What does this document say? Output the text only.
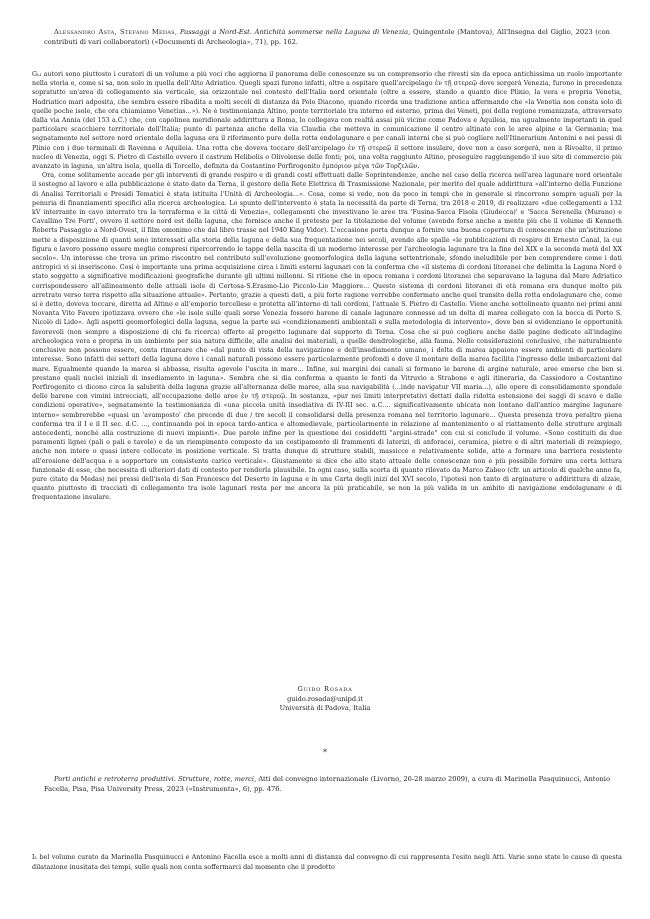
Alessandro Asta, Stefano Medas, Passaggi a Nord-Est. Antichità sommerse nella Laguna di Venezia, Quingentole (Mantova), All'Insegna del Giglio, 2023 (con contributi di vari collaboratori) («Documenti di Archeologia», 71), pp. 162.

Gli autori sono piuttosto i curatori di un volume a più voci che aggiorna il panorama delle conoscenze su un comprensorio che rivesti sin da epoca antichissima un ruolo importante nella storia e, come si sa, non solo in quella dell'Alto Adriatico. Quegli spazi furono infatti, oltre a ospitare quell'arcipelago ἐν τῇ στερεῷ dove sorgerà Venezia, furono in precedenza sopratutto un'area di collegamento sia verticale, sia orizzontale nel contesto dell'Italia nord orientale (oltre a essere, stando a quanto dice Plinio, la vera e propria Venetia, Hadriatico mari adposita, che sembra essere ribadita a molti secoli di distanza da Polo Diacono, quando ricorda una tradizione antica affermando che «la Venetia non consta solo di quelle poche isole, che ora chiamiamo Venetias...»). Ne è testimonianza Altino, ponte territoriale tra interno ed esterno, prima dei Veneti, poi della regione romanizzata, attraversato dalla via Annia (del 153 a.C.) che, con capolinea meridionale addirittura a Roma, lo collegava con realtà assai più vicine come Padova e Aquileia, ma ugualmente importanti in quel particolare scacchiere territoriale dell'Italia; punto di partenza anche della via Claudia che metteva in comunicazione il centro altinate con le aree alpine e la Germania; ma segnatamente nel settore nord orientale della laguna era il riferimento pure della rotta endolagunare e per canali interni che si può cogliere nell'Itinerarium Antonini e nei passi di Plinio con i due terminali di Ravenna e Aquileia. Una rotta che doveva toccare dell'arcipelago ἐν τῇ στερεῷ il settore insulare, dove non a caso sorgerà, non a Rivoalto, il primo nucleo di Venezia, oggi S. Pietro di Castello ovvero il castrum Helibolis o Olivolense delle fonti; poi, una volta raggiunto Altino, proseguire raggiungendo il suo sito di commercio più avanzato in laguna, un'altra isola, quella di Torcello, definita da Costantino Porfirogenito ἐμπόριον μέγα τῶν Τορζελῶν.

Ora, come solitamente accade per gli interventi di grande respiro e di grandi costi effettuati dalle Soprintendenze, anche nel caso della ricerca nell'area lagunare nord orientale il sostegno al lavoro e alla pubblicazione è stato dato da Terna, il gestore della Rete Elettrica di Trasmissione Nazionale, per merito del quale addirittura «all'interno della Funzione di Analisi Territoriali e Presidi Tematici è stata istituita l'Unità di Archeologia...». Cosa, come si vede, non da poco in tempi che in generale si rincorrono sempre uguali per la penuria di finanziamenti specifici alla ricerca archeologica. Lo spunto dell'intervento è stata la necessità da parte di Terna, tra 2018 e 2019, di realizzare «due collegamenti a 132 kV interrante in cavo interrato tra la terraferma e la città di Venezia», collegamenti che investivano le aree tra 'Fusina-Sacca Fisola (Giudecca)' e 'Sacca Serenella (Murano) e Cavallino Tre Porti', ovvero il settore nord est della laguna, che fornisce anche il pretesto per la titolazione del volume (avendo forse anche a mente più che il volume di Kenneth Roberts Passaggio a Nord-Ovest, il film omonimo che dal libro trasse nel 1940 King Vidor). L'occasione porta dunque a fornire una buona copertura di conoscenze che un'istituzione mette a disposizione di quanti sono interessati alla storia della laguna e della sua frequentazione nei secoli, avendo alle spalle «le pubblicazioni di respiro di Ernesto Canal, la cui figura e lavoro possono essere meglio compresi ripercorrendo le tappe della nascita di un moderno interesse per l'archeologia lagunare tra la fine del XIX e la seconda metà del XX secolo». Un interesse che trova un primo riscontro nel contributo sull'evoluzione geomorfologica della laguna settentrionale, sfondo ineludibile per ben comprendere come i dati antropici vi si inseriscono. Così è importante una prima acquisizione circa i limiti esterni lagunari con la conferma che «il sistema di cordoni litoranei che delimita la Laguna Nord è stato soggetto a significative modificazioni geografiche durante gli ultimi millenni. Si ritiene che in epoca romana i cordoni litoranei che separavano la laguna dal Mare Adriatico corrispondessero all'allineamento delle attuali isole di Certosa-S.Erasmo-Lio Piccolo-Lio Maggiore... Questo sistema di cordoni litoranei di età romana era dunque molto più arretrato verso terra rispetto alla situazione attuale». Pertanto, grazie a questi dati, a più forte ragione verrebbe confermato anche quel transito della rotta endolagunare che, come si è detto, doveva toccare, diretta ad Altino e all'emporio torcellese e protetta all'interno di tali cordoni, l'attuale S. Pietro di Castello. Viene anche sottolineato quanto nei primi anni Novanta Vito Favero ipotizzava ovvero che «le isole sulle quali sorse Venezia fossero barene di canale lagunare connesse ad un delta di marea collegato con la bocca di Porto S. Nicolò di Lido». Agli aspetti geomorfologici della laguna, segue la parte sui «condizionamenti ambientali e sulla metodologia di intervento», dove ben si evidenziano le opportunità favorevoli (non sempre a disposizione di chi fa ricerca) offerte al progetto lagunare dal supporto di Terna. Cosa che si può cogliere anche dalle pagine dedicate all'indagine archeologica vera e propria in un ambiente per sua natura difficile, alle analisi dei materiali, a quelle dendrologiche, alla fauna. Nelle considerazioni conclusive, che naturalmente conclusive non possono essere, conta rimarcare che «dal punto di vista della navigazione e dell'insediamento umano, i delta di marea appaiono essere ambienti di particolare interesse. Sono infatti dei settori della laguna dove i canali naturali possono essere particolarmente profondi e dove il montare della marea facilita l'ingresso delle imbarcazioni dal mare. Egualmente quando la marea si abbassa, risulta agevole l'uscita in mare... Infine, sui margini dei canali si formano le barene di argine naturale, aree emerse che ben si prestano quali nuclei iniziali di insediamento in laguna». Sembra che si dia conferma a quanto le fonti da Vitruvio a Strabone e agli itineraria, da Cassiodoro a Costantino Porfirogenito ci dicono circa la salubrità della laguna grazie all'alternanza delle maree, alla sua navigabilità (...inde navigatur VII maria...), alle opere di consolidamento spondale delle barene con vimini intrecciati, all'occupazione delle aree ἐν τῇ στερεῷ. In sostanza, «pur nei limiti interpretativi dettati dalla ridotta estensione dei saggi di scavo e dalle condizioni operative», segnatamente la testimonianza di «una piccola unità insediativa di IV-III sec. a.C.... significativamente ubicata non lontano dall'antico margine lagunare interno» sembrerebbe «quasi un 'avamposto' che precede di due / tre secoli il consolidarsi della presenza romana nel territorio lagunare... Questa presenza trova peraltro piena conferma tra il I e il II sec. d.C. ..., continuando poi in epoca tardo-antica e altomedievale, particolarmente in relazione al mantenimento o al riattamento delle strutture arginali antecedenti, nonché alla costruzione di nuovi impianti». Due parole infine per la questione dei cosiddetti "argini-strade" con cui si conclude il volume. «Sono costituiti da due paramenti lignei (pali o pali e tavole) e da un riempimento composto da un costipamento di frammenti di laterizi, di anforacei, ceramica, pietre e di altri materiali di reimpiego, anche non intere o quasi intere collocate in posizione verticale. Si tratta dunque di strutture stabili, massicce e relativamente solide, atte a formare una barriera resistente all'erosione dell'acqua e a sopportare un consistente carico verticale». Giustamente si dice che allo stato attuale delle conoscenze non è più possibile fornire una certa lettura funzionale di esse, che necessita di ulteriori dati di contesto per renderla plausibile. In ogni caso, sulla scorta di quanto rilevato da Marco Zabeo (cfr. un articolo di qualche anno fa, pure citato da Medas) nei pressi dell'isola di San Francesco del Deserto in laguna e in una Carta degli inizi del XVI secolo, l'ipotesi non tanto di arginature o addirittura di alzaie, quanto piuttosto di tracciati di collegamento tra isole lagunari resta per me ancora la più praticabile, se non la più valida in un ambito di navigazione endolagunare e di frequentazione insulare.

Guido Rosada
guido.rosada@unipd.it
Università di Padova, Italia
*
Porti antichi e retroterra produttivi. Strutture, rotte, merci, Atti del convegno internazionale (Livorno, 26-28 marzo 2009), a cura di Marinella Pasquinucci, Antonio Facella, Pisa, Pisa University Press, 2023 («Instrumenta», 6), pp. 476.
Il bel volume curato da Marinella Pasquinucci e Antonino Facella esce a molti anni di distanza dal convegno di cui rappresenta l'esito negli Atti. Varie sono state le cause di questa dilatazione inusitata dei tempi, sulle quali non conta soffermarci dal momento che il prodotto
